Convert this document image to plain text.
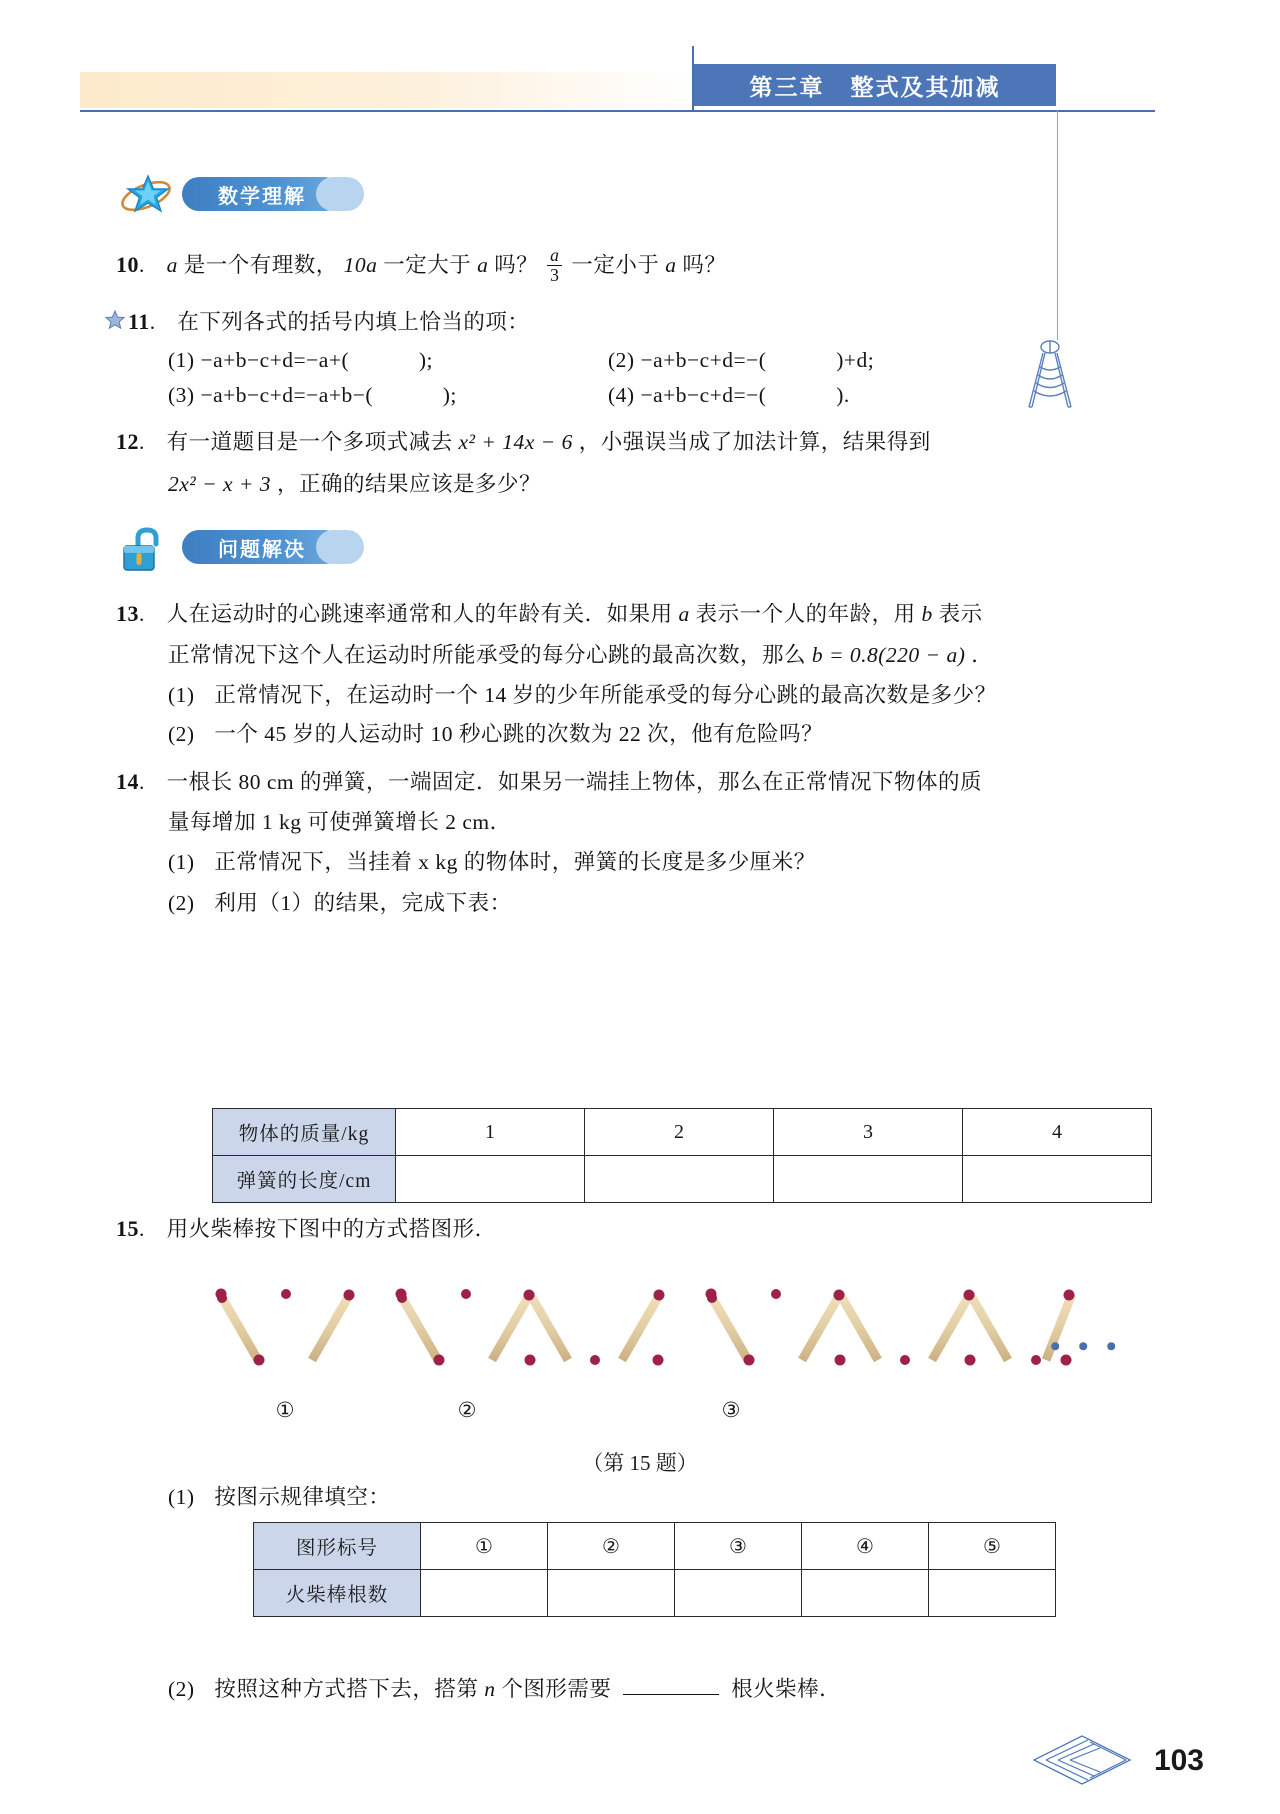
第三章 整式及其加减
数学理解
10. a 是一个有理数， 10a 一定大于 a 吗？ $\frac{a}{3}$ 一定小于 a 吗？
11. 在下列各式的括号内填上恰当的项：
(1) −a+b−c+d=−a+(	);	(2) −a+b−c+d=−(	)+d;
(3) −a+b−c+d=−a+b−(	);	(4) −a+b−c+d=−(	).
12. 有一道题目是一个多项式减去 x² + 14x − 6 ，小强误当成了加法计算，结果得到
2x² − x + 3 ，正确的结果应该是多少？
问题解决
13. 人在运动时的心跳速率通常和人的年龄有关．如果用 a 表示一个人的年龄，用 b 表示
正常情况下这个人在运动时所能承受的每分心跳的最高次数，那么 b = 0.8(220 − a) ．
(1) 正常情况下，在运动时一个 14 岁的少年所能承受的每分心跳的最高次数是多少？
(2) 一个 45 岁的人运动时 10 秒心跳的次数为 22 次，他有危险吗？
14. 一根长 80 cm 的弹簧，一端固定．如果另一端挂上物体，那么在正常情况下物体的质
量每增加 1 kg 可使弹簧增长 2 cm．
(1) 正常情况下，当挂着 x kg 的物体时，弹簧的长度是多少厘米？
(2) 利用（1）的结果，完成下表：
物体的质量/kg	1	2	3	4
弹簧的长度/cm				
15. 用火柴棒按下图中的方式搭图形．
• • •
①	②	③
（第 15 题）
(1) 按图示规律填空：
图形标号	①	②	③	④	⑤
火柴棒根数					
(2) 按照这种方式搭下去，搭第 n 个图形需要	根火柴棒．
103
